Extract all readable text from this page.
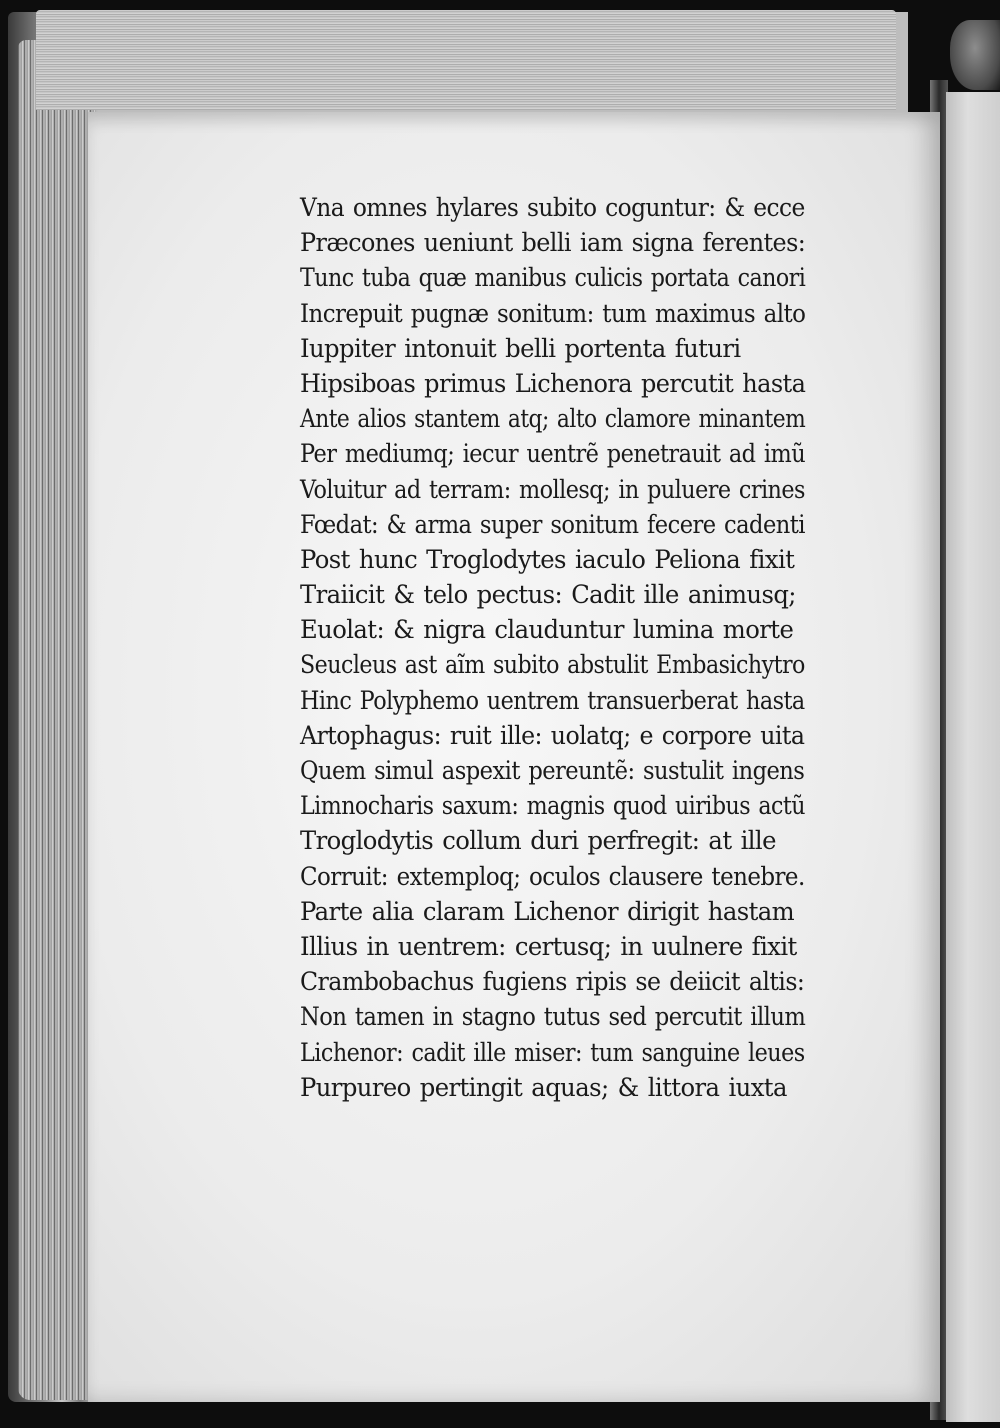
Vna omnes hylares subito coguntur: & ecce
Præcones ueniunt belli iam signa ferentes:
Tunc tuba quæ manibus culicis portata canori
Increpuit pugnæ sonitum: tum maximus alto
Iuppiter intonuit belli portenta futuri
Hipsiboas primus Lichenora percutit hasta
Ante alios stantem atq; alto clamore minantem
Per mediumq; iecur uentrẽ penetrauit ad imũ
Voluitur ad terram: mollesq; in puluere crines
Fœdat: & arma super sonitum fecere cadenti
Post hunc Troglodytes iaculo Peliona fixit
Traiicit & telo pectus: Cadit ille animusq;
Euolat: & nigra clauduntur lumina morte
Seucleus ast aĩm subito abstulit Embasichytro
Hinc Polyphemo uentrem transuerberat hasta
Artophagus: ruit ille: uolatq; e corpore uita
Quem simul aspexit pereuntẽ: sustulit ingens
Limnocharis saxum: magnis quod uiribus actũ
Troglodytis collum duri perfregit: at ille
Corruit: extemploq; oculos clausere tenebre.
Parte alia claram Lichenor dirigit hastam
Illius in uentrem: certusq; in uulnere fixit
Crambobachus fugiens ripis se deiicit altis:
Non tamen in stagno tutus sed percutit illum
Lichenor: cadit ille miser: tum sanguine leues
Purpureo pertingit aquas; & littora iuxta
